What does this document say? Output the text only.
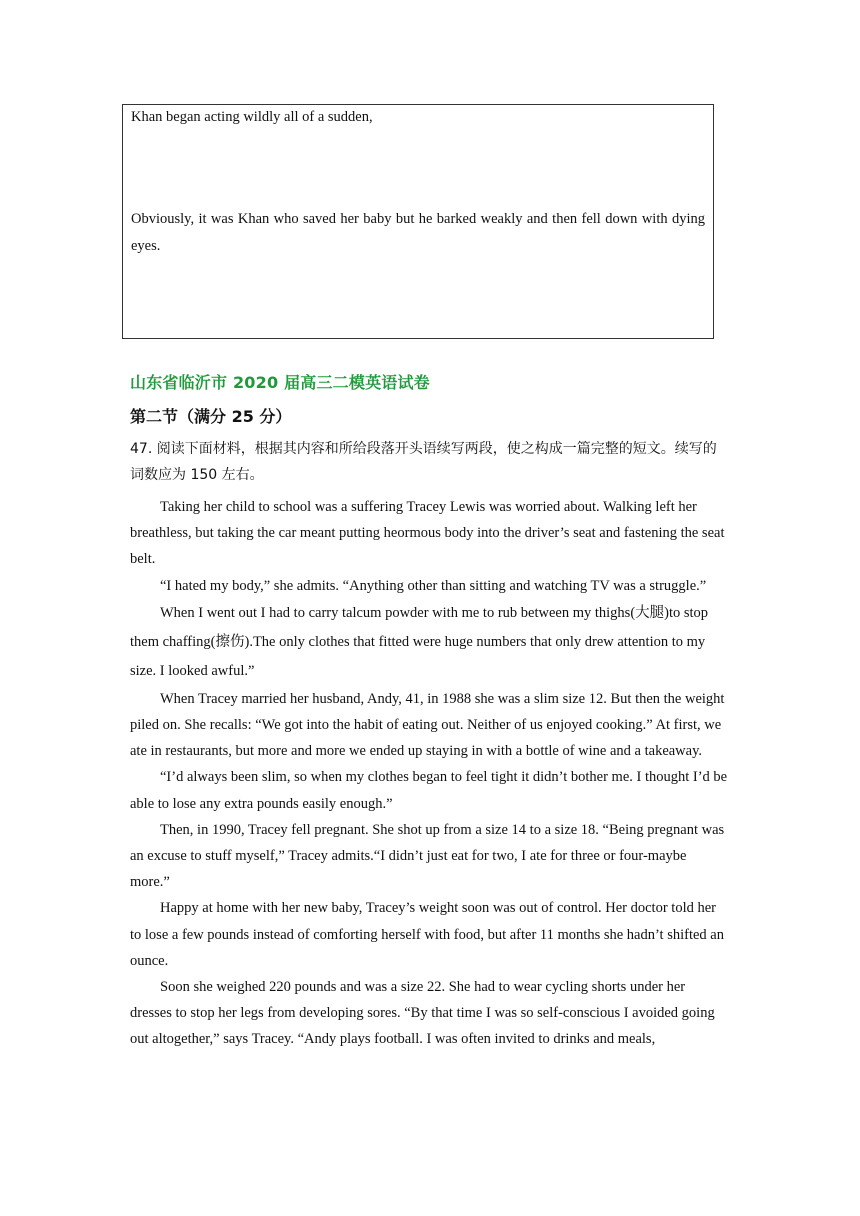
Khan began acting wildly all of a sudden,
Obviously, it was Khan who saved her baby but he barked weakly and then fell down with dying eyes.
山东省临沂市 2020 届高三二模英语试卷
第二节（满分 25 分）
47. 阅读下面材料，根据其内容和所给段落开头语续写两段，使之构成一篇完整的短文。续写的词数应为 150 左右。

Taking her child to school was a suffering Tracey Lewis was worried about. Walking left her breathless, but taking the car meant putting heormous body into the driver’s seat and fastening the seat belt.

“I hated my body,” she admits. “Anything other than sitting and watching TV was a struggle.”

When I went out I had to carry talcum powder with me to rub between my thighs(大腿)to stop them chaffing(擦伤).The only clothes that fitted were huge numbers that only drew attention to my size. I looked awful.”

When Tracey married her husband, Andy, 41, in 1988 she was a slim size 12. But then the weight piled on. She recalls: “We got into the habit of eating out. Neither of us enjoyed cooking.” At first, we ate in restaurants, but more and more we ended up staying in with a bottle of wine and a takeaway.

“I’d always been slim, so when my clothes began to feel tight it didn’t bother me. I thought I’d be able to lose any extra pounds easily enough.”

Then, in 1990, Tracey fell pregnant. She shot up from a size 14 to a size 18. “Being pregnant was an excuse to stuff myself,” Tracey admits.“I didn’t just eat for two, I ate for three or four-maybe more.”

Happy at home with her new baby, Tracey’s weight soon was out of control. Her doctor told her to lose a few pounds instead of comforting herself with food, but after 11 months she hadn’t shifted an ounce.

Soon she weighed 220 pounds and was a size 22. She had to wear cycling shorts under her dresses to stop her legs from developing sores. “By that time I was so self-conscious I avoided going out altogether,” says Tracey. “Andy plays football. I was often invited to drinks and meals,
